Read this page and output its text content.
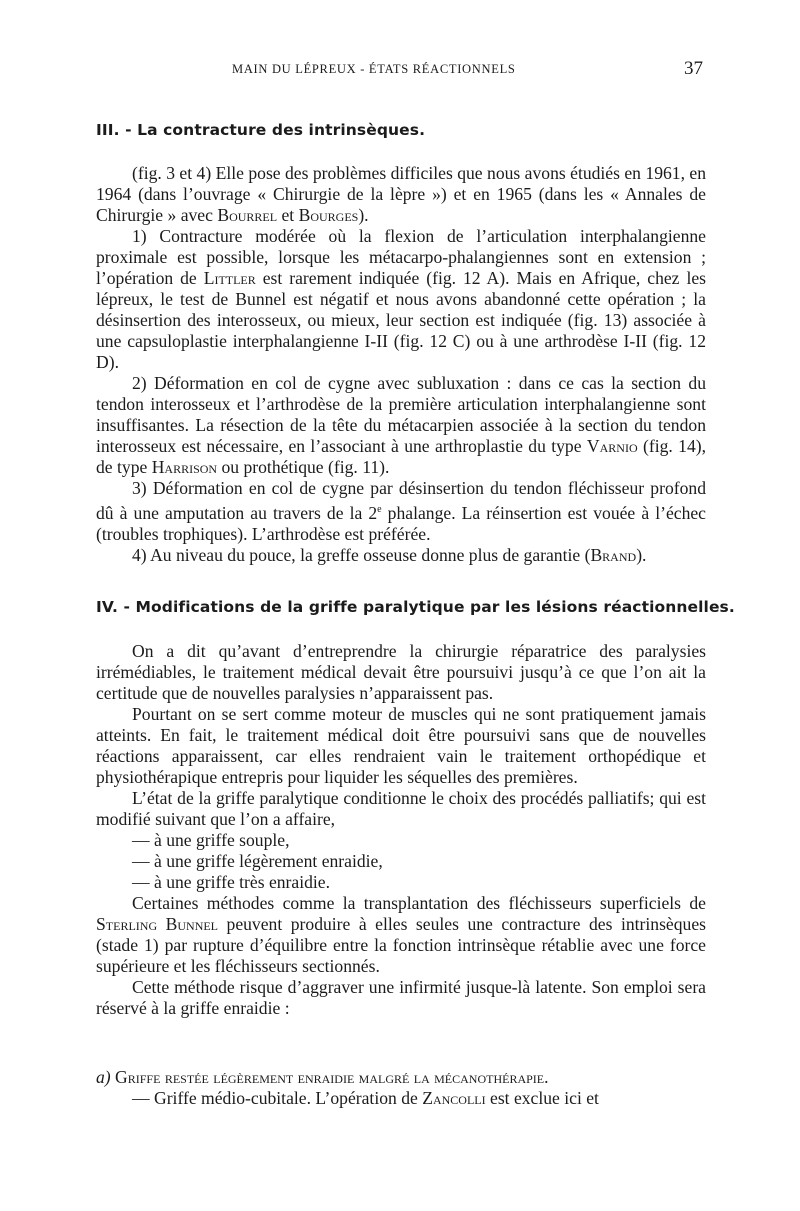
MAIN DU LÉPREUX - ÉTATS RÉACTIONNELS	37
III. - La contracture des intrinsèques.

(fig. 3 et 4) Elle pose des problèmes difficiles que nous avons étudiés en 1961, en 1964 (dans l’ouvrage « Chirurgie de la lèpre ») et en 1965 (dans les « Annales de Chirurgie » avec Bourrel et Bourges).

1) Contracture modérée où la flexion de l’articulation interphalangienne proximale est possible, lorsque les métacarpo-phalangiennes sont en extension ; l’opération de Littler est rarement indiquée (fig. 12 A). Mais en Afrique, chez les lépreux, le test de Bunnel est négatif et nous avons abandonné cette opération ; la désinsertion des interosseux, ou mieux, leur section est indiquée (fig. 13) associée à une capsuloplastie interphalangienne I-II (fig. 12 C) ou à une arthrodèse I-II (fig. 12 D).

2) Déformation en col de cygne avec subluxation : dans ce cas la section du tendon interosseux et l’arthrodèse de la première articulation interphalangienne sont insuffisantes. La résection de la tête du métacarpien associée à la section du tendon interosseux est nécessaire, en l’associant à une arthroplastie du type Varnio (fig. 14), de type Harrison ou prothétique (fig. 11).

3) Déformation en col de cygne par désinsertion du tendon fléchisseur profond dû à une amputation au travers de la 2e phalange. La réinsertion est vouée à l’échec (troubles trophiques). L’arthrodèse est préférée.

4) Au niveau du pouce, la greffe osseuse donne plus de garantie (Brand).

IV. - Modifications de la griffe paralytique par les lésions réactionnelles.

On a dit qu’avant d’entreprendre la chirurgie réparatrice des paralysies irrémédiables, le traitement médical devait être poursuivi jusqu’à ce que l’on ait la certitude que de nouvelles paralysies n’apparaissent pas.

Pourtant on se sert comme moteur de muscles qui ne sont pratiquement jamais atteints. En fait, le traitement médical doit être poursuivi sans que de nouvelles réactions apparaissent, car elles rendraient vain le traitement orthopédique et physiothérapique entrepris pour liquider les séquelles des premières.

L’état de la griffe paralytique conditionne le choix des procédés palliatifs; qui est modifié suivant que l’on a affaire,

— à une griffe souple,

— à une griffe légèrement enraidie,

— à une griffe très enraidie.

Certaines méthodes comme la transplantation des fléchisseurs superficiels de Sterling Bunnel peuvent produire à elles seules une contracture des intrinsèques (stade 1) par rupture d’équilibre entre la fonction intrinsèque rétablie avec une force supérieure et les fléchisseurs sectionnés.

Cette méthode risque d’aggraver une infirmité jusque-là latente. Son emploi sera réservé à la griffe enraidie :

a) Griffe restée légèrement enraidie malgré la mécanothérapie.

— Griffe médio-cubitale. L’opération de Zancolli est exclue ici et
